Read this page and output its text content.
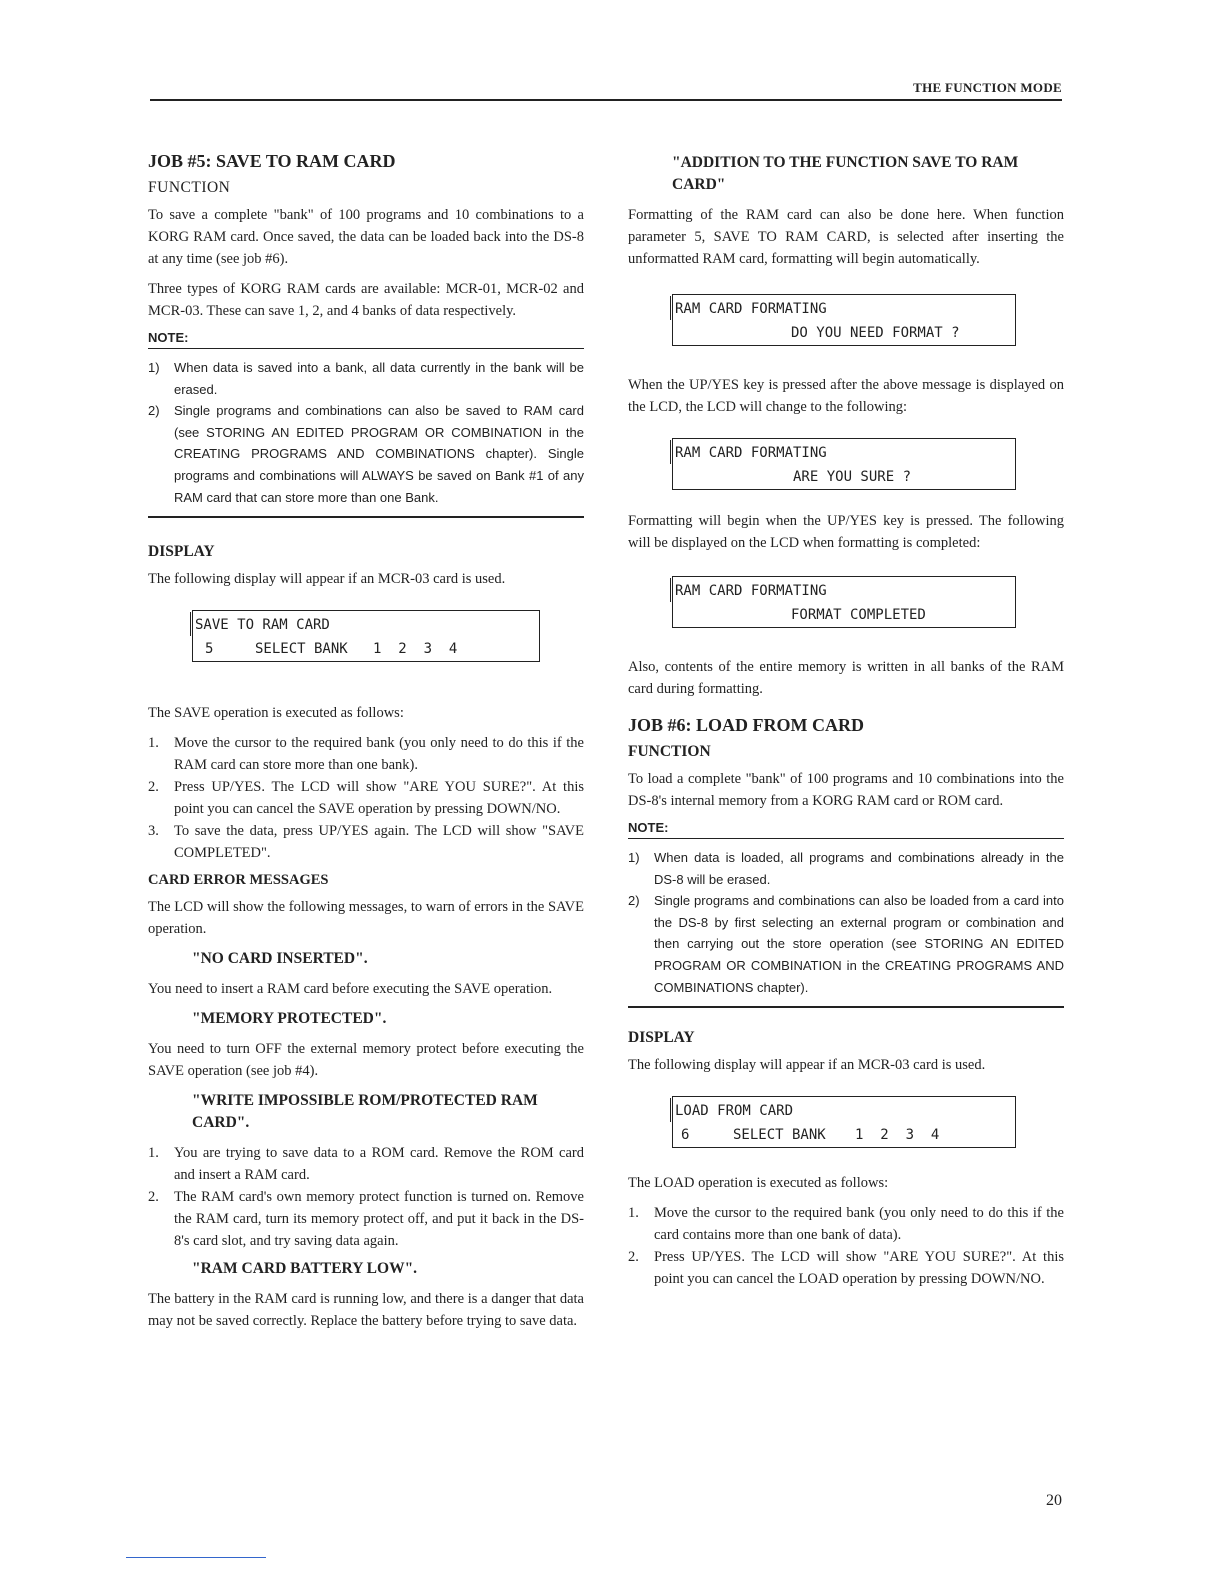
THE FUNCTION MODE
JOB #5: SAVE TO RAM CARD
FUNCTION
To save a complete "bank" of 100 programs and 10 combinations to a KORG RAM card. Once saved, the data can be loaded back into the DS-8 at any time (see job #6).
Three types of KORG RAM cards are available: MCR-01, MCR-02 and MCR-03. These can save 1, 2, and 4 banks of data respectively.
NOTE:
1) When data is saved into a bank, all data currently in the bank will be erased.
2) Single programs and combinations can also be saved to RAM card (see STORING AN EDITED PROGRAM OR COMBINATION in the CREATING PROGRAMS AND COMBINATIONS chapter). Single programs and combinations will ALWAYS be saved on Bank #1 of any RAM card that can store more than one Bank.
DISPLAY
The following display will appear if an MCR-03 card is used.
SAVE TO RAM CARD
5	SELECT BANK 1  2  3  4
The SAVE operation is executed as follows:
1. Move the cursor to the required bank (you only need to do this if the RAM card can store more than one bank).
2. Press UP/YES. The LCD will show "ARE YOU SURE?". At this point you can cancel the SAVE operation by pressing DOWN/NO.
3. To save the data, press UP/YES again. The LCD will show "SAVE COMPLETED".
CARD ERROR MESSAGES
The LCD will show the following messages, to warn of errors in the SAVE operation.
"NO CARD INSERTED".
You need to insert a RAM card before executing the SAVE operation.
"MEMORY PROTECTED".
You need to turn OFF the external memory protect before executing the SAVE operation (see job #4).
"WRITE IMPOSSIBLE ROM/PROTECTED RAM CARD".
1. You are trying to save data to a ROM card. Remove the ROM card and insert a RAM card.
2. The RAM card's own memory protect function is turned on. Remove the RAM card, turn its memory protect off, and put it back in the DS-8's card slot, and try saving data again.
"RAM CARD BATTERY LOW".
The battery in the RAM card is running low, and there is a danger that data may not be saved correctly. Replace the battery before trying to save data.
"ADDITION TO THE FUNCTION SAVE TO RAM CARD"
Formatting of the RAM card can also be done here. When function parameter 5, SAVE TO RAM CARD, is selected after inserting the unformatted RAM card, formatting will begin automatically.
RAM CARD FORMATING
DO YOU NEED FORMAT ?
When the UP/YES key is pressed after the above message is displayed on the LCD, the LCD will change to the following:
RAM CARD FORMATING
ARE YOU SURE ?
Formatting will begin when the UP/YES key is pressed. The following will be displayed on the LCD when formatting is completed:
RAM CARD FORMATING
FORMAT COMPLETED
Also, contents of the entire memory is written in all banks of the RAM card during formatting.
JOB #6: LOAD FROM CARD
FUNCTION
To load a complete "bank" of 100 programs and 10 combinations into the DS-8's internal memory from a KORG RAM card or ROM card.
NOTE:
1) When data is loaded, all programs and combinations already in the DS-8 will be erased.
2) Single programs and combinations can also be loaded from a card into the DS-8 by first selecting an external program or combination and then carrying out the store operation (see STORING AN EDITED PROGRAM OR COMBINATION in the CREATING PROGRAMS AND COMBINATIONS chapter).
DISPLAY
The following display will appear if an MCR-03 card is used.
LOAD FROM CARD
6	SELECT BANK 1  2  3  4
The LOAD operation is executed as follows:
1. Move the cursor to the required bank (you only need to do this if the card contains more than one bank of data).
2. Press UP/YES. The LCD will show "ARE YOU SURE?". At this point you can cancel the LOAD operation by pressing DOWN/NO.
20
